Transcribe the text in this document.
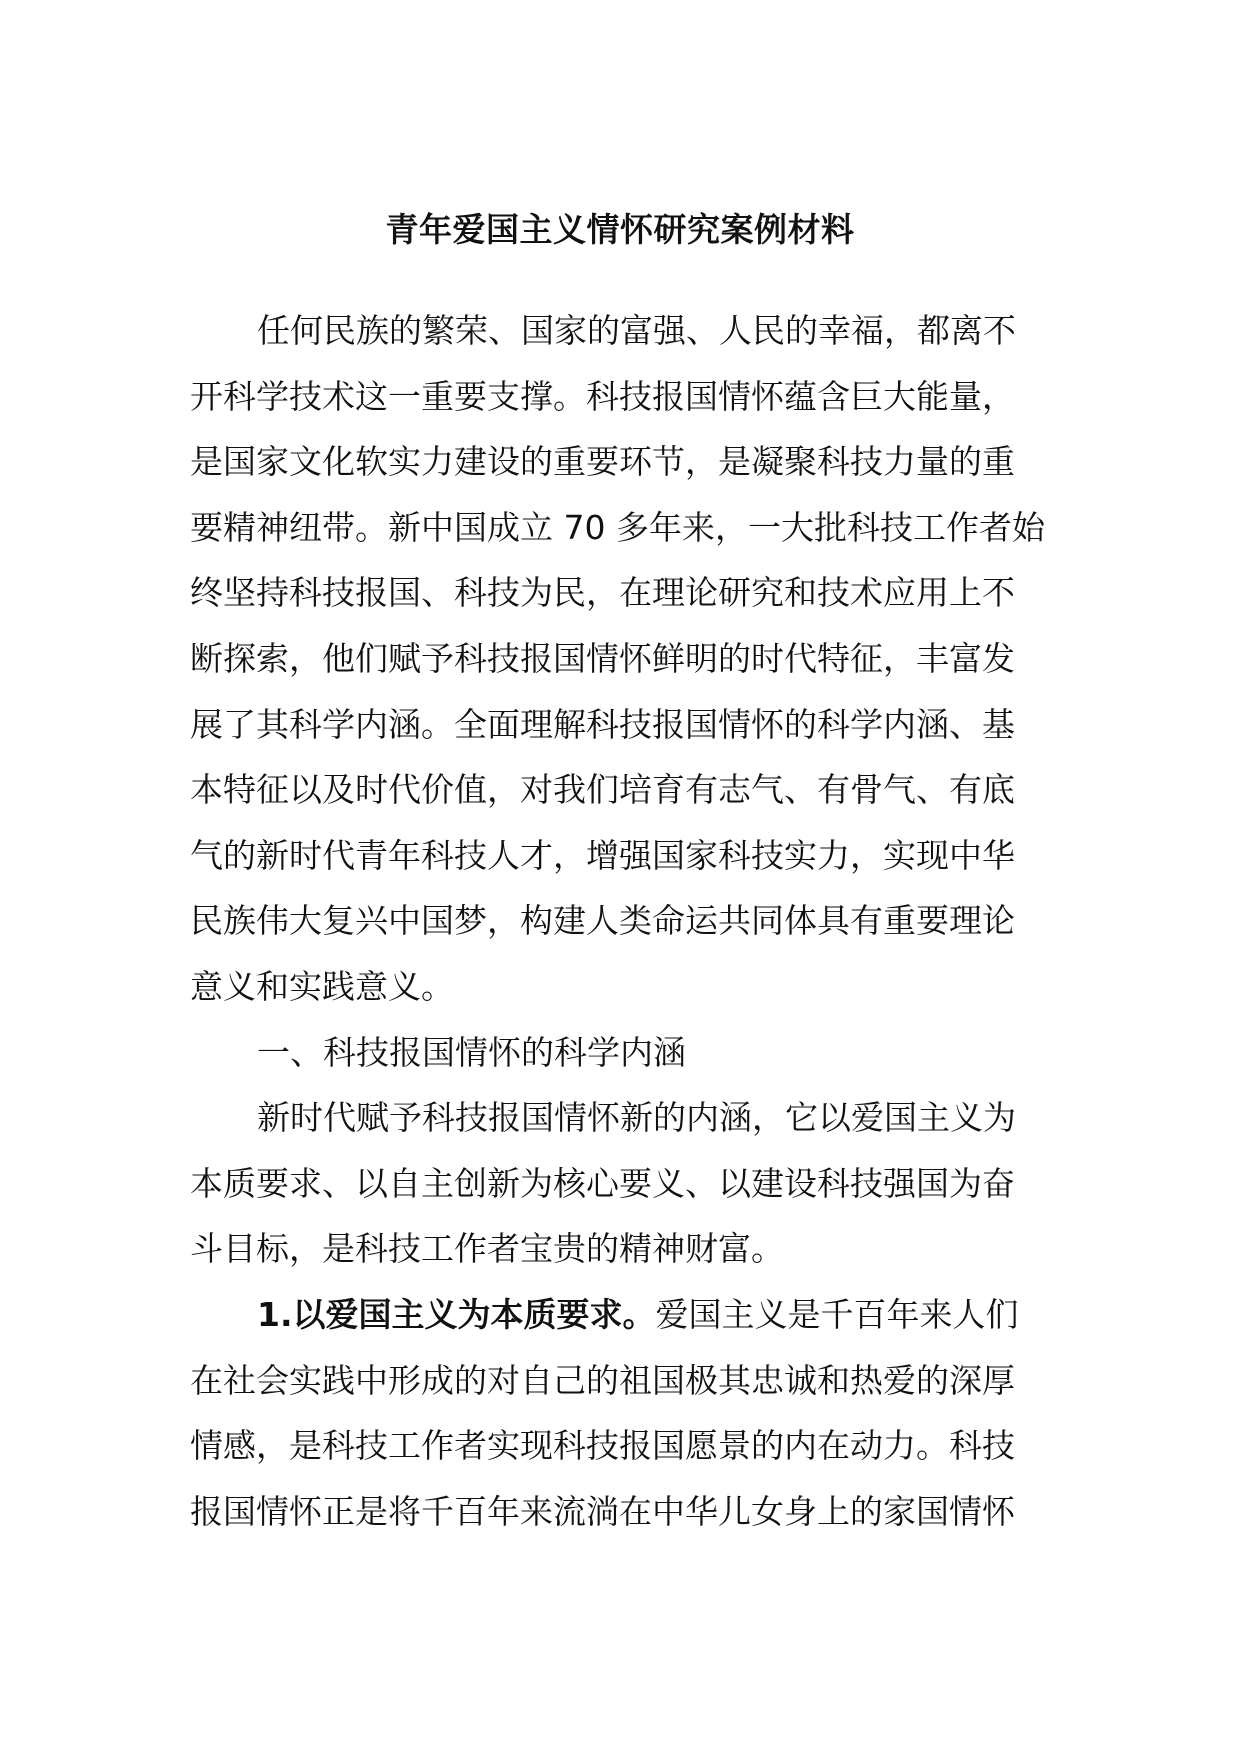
青年爱国主义情怀研究案例材料
任何民族的繁荣、国家的富强、人民的幸福，都离不
开科学技术这一重要支撑。科技报国情怀蕴含巨大能量，
是国家文化软实力建设的重要环节，是凝聚科技力量的重
要精神纽带。新中国成立 70 多年来，一大批科技工作者始
终坚持科技报国、科技为民，在理论研究和技术应用上不
断探索，他们赋予科技报国情怀鲜明的时代特征，丰富发
展了其科学内涵。全面理解科技报国情怀的科学内涵、基
本特征以及时代价值，对我们培育有志气、有骨气、有底
气的新时代青年科技人才，增强国家科技实力，实现中华
民族伟大复兴中国梦，构建人类命运共同体具有重要理论
意义和实践意义。
一、科技报国情怀的科学内涵
新时代赋予科技报国情怀新的内涵，它以爱国主义为
本质要求、以自主创新为核心要义、以建设科技强国为奋
斗目标，是科技工作者宝贵的精神财富。
1.以爱国主义为本质要求。爱国主义是千百年来人们
在社会实践中形成的对自己的祖国极其忠诚和热爱的深厚
情感，是科技工作者实现科技报国愿景的内在动力。科技
报国情怀正是将千百年来流淌在中华儿女身上的家国情怀
